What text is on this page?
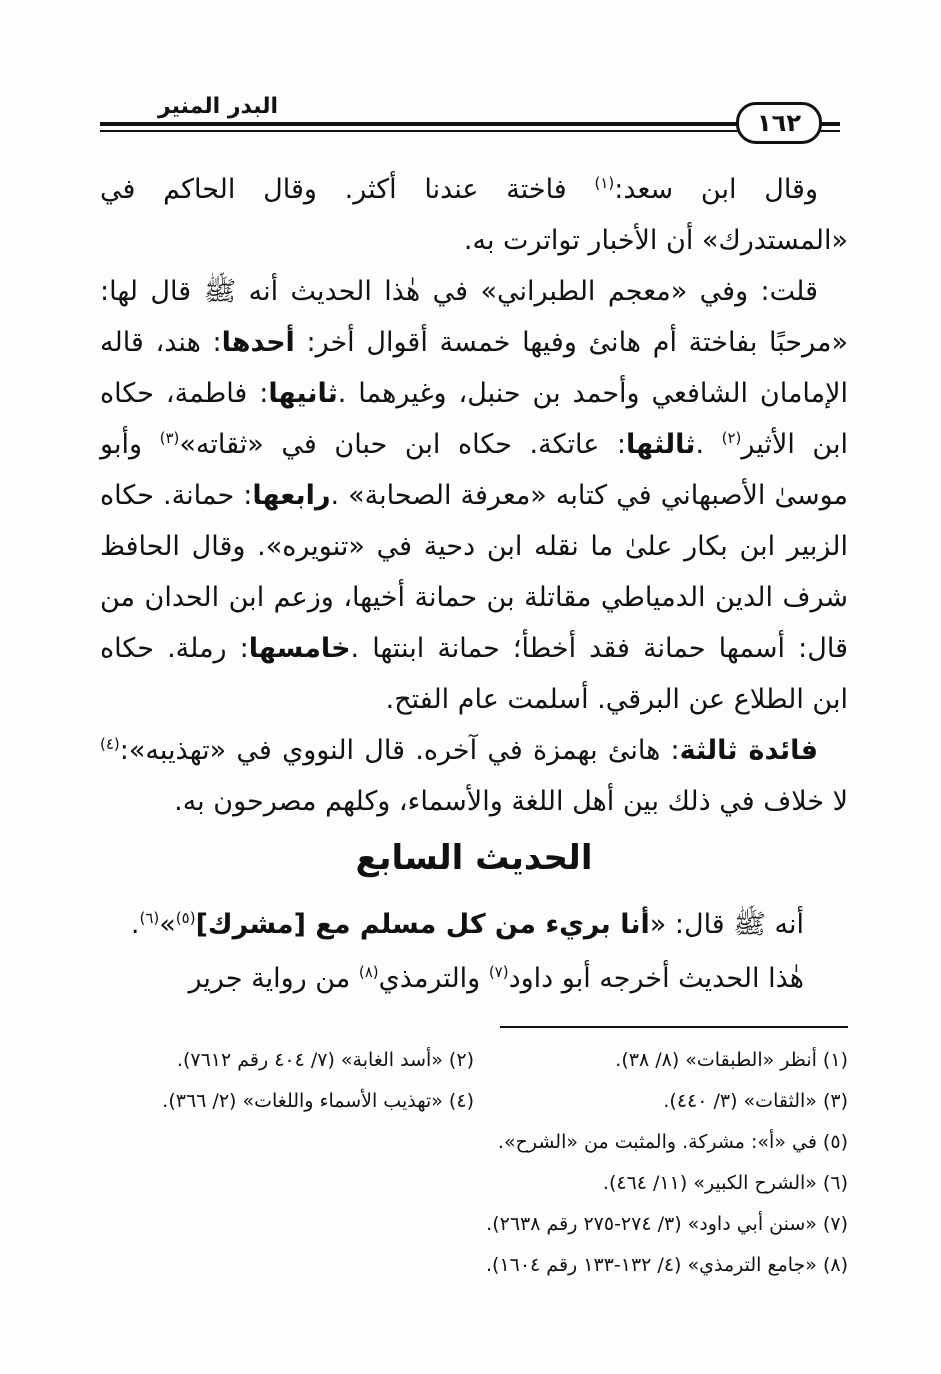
البدر المنير
١٦٢

وقال ابن سعد:$^{(١)}$ فاختة عندنا أكثر. وقال الحاكم في «المستدرك» أن الأخبار تواترت به.

قلت: وفي «معجم الطبراني» في هٰذا الحديث أنه ﷺ قال لها: «مرحبًا بفاختة أم هانئ وفيها خمسة أقوال أخر: أحدها: هند، قاله الإمامان الشافعي وأحمد بن حنبل، وغيرهما .ثانيها: فاطمة، حكاه ابن الأثير$^{(٢)}$ .ثالثها: عاتكة. حكاه ابن حبان في «ثقاته»$^{(٣)}$ وأبو موسىٰ الأصبهاني في كتابه «معرفة الصحابة» .رابعها: حمانة. حكاه الزبير ابن بكار علىٰ ما نقله ابن دحية في «تنويره». وقال الحافظ شرف الدين الدمياطي مقاتلة بن حمانة أخيها، وزعم ابن الحدان من قال: أسمها حمانة فقد أخطأ؛ حمانة ابنتها .خامسها: رملة. حكاه ابن الطلاع عن البرقي. أسلمت عام الفتح.

فائدة ثالثة: هانئ بهمزة في آخره. قال النووي في «تهذيبه»:$^{(٤)}$ لا خلاف في ذلك بين أهل اللغة والأسماء، وكلهم مصرحون به.

الحديث السابع

أنه ﷺ قال: «أنا بريء من كل مسلم مع [مشرك]$^{(٥)}$»$^{(٦)}$.

هٰذا الحديث أخرجه أبو داود$^{(٧)}$ والترمذي$^{(٨)}$ من رواية جرير

(١) أنظر «الطبقات» (٨/ ٣٨).
(٢) «أسد الغابة» (٧/ ٤٠٤ رقم ٧٦١٢).
(٣) «الثقات» (٣/ ٤٤٠).
(٤) «تهذيب الأسماء واللغات» (٢/ ٣٦٦).
(٥) في «أ»: مشركة. والمثبت من «الشرح».
(٦) «الشرح الكبير» (١١/ ٤٦٤).
(٧) «سنن أبي داود» (٣/ ٢٧٤-٢٧٥ رقم ٢٦٣٨).
(٨) «جامع الترمذي» (٤/ ١٣٢-١٣٣ رقم ١٦٠٤).
